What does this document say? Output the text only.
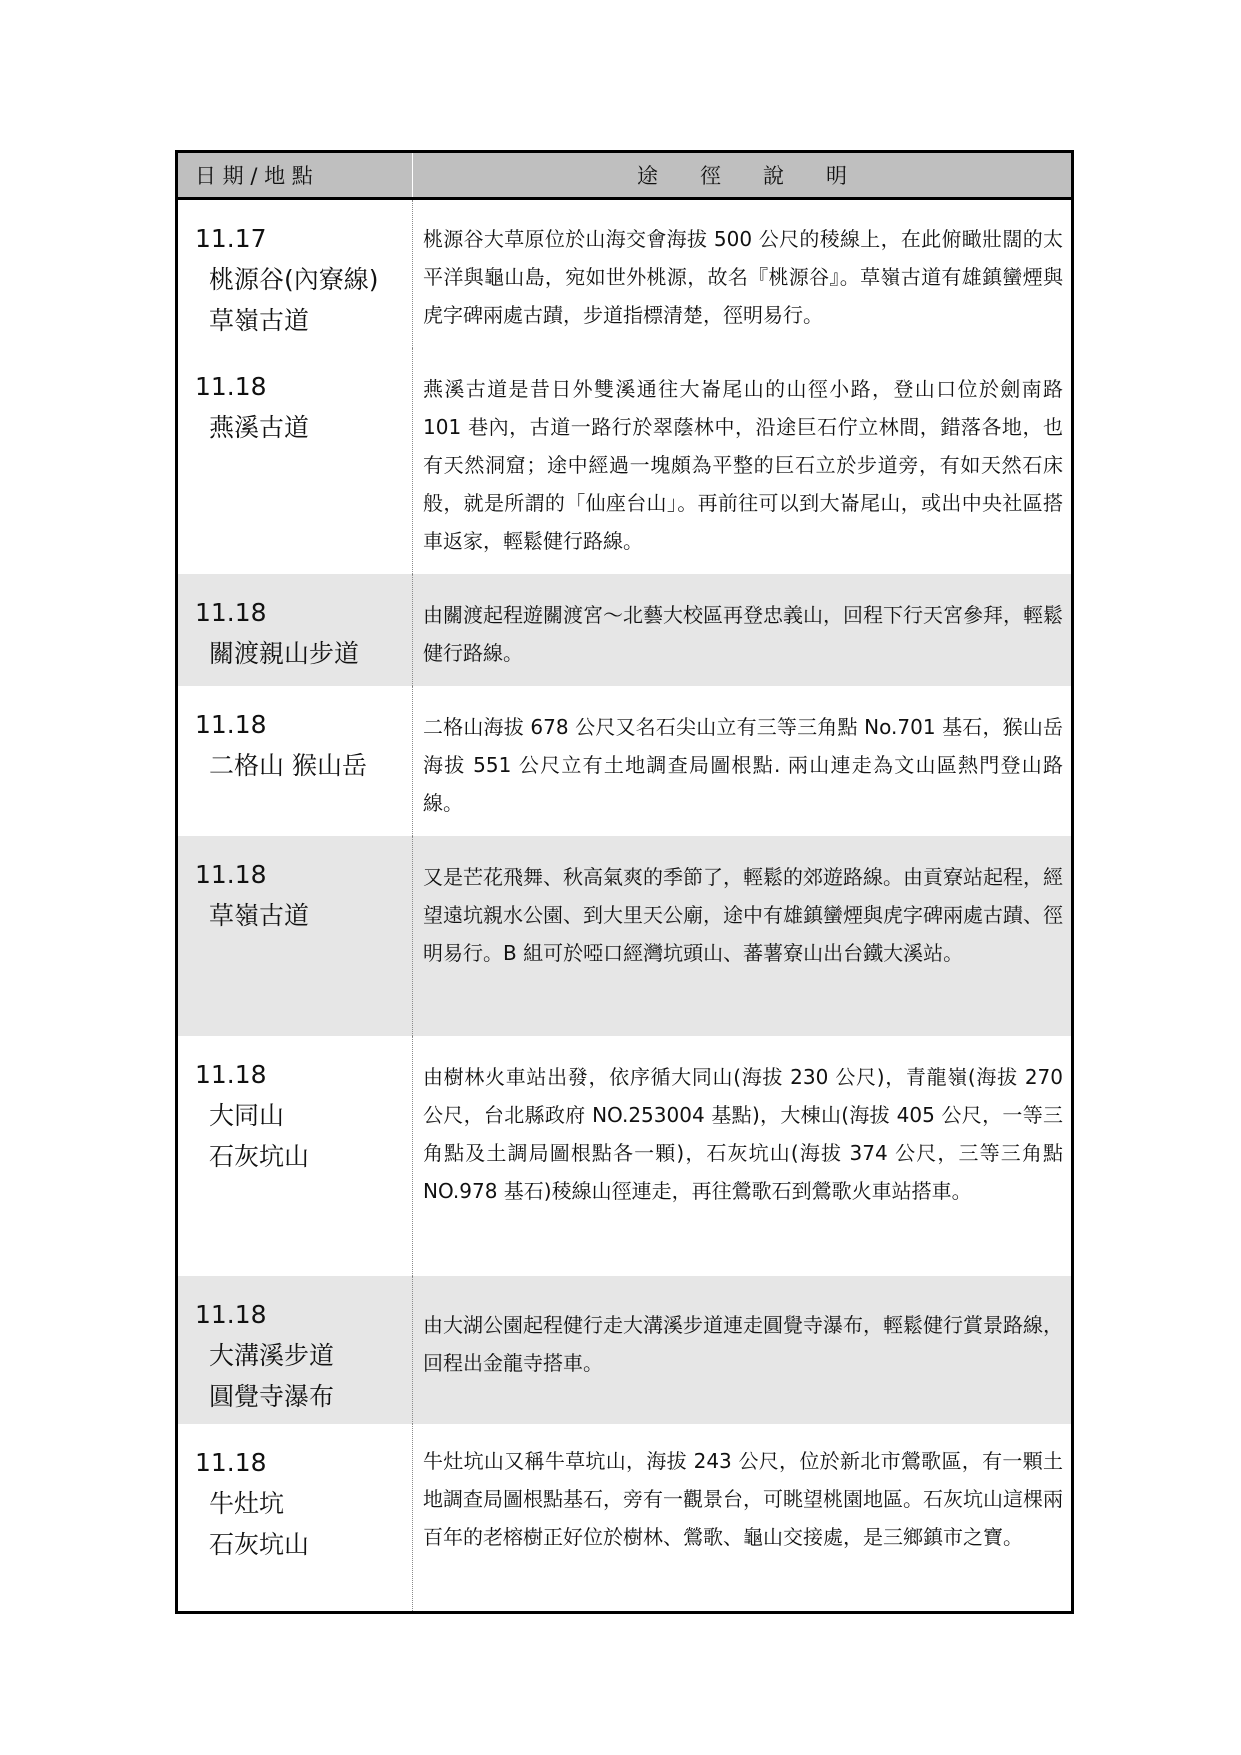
日 期 / 地 點	途　　徑　　說　　明

11.17
桃源谷(內寮線)
草嶺古道	桃源谷大草原位於山海交會海拔 500 公尺的稜線上，在此俯瞰壯闊的太平洋與龜山島，宛如世外桃源，故名『桃源谷』。草嶺古道有雄鎮蠻煙與虎字碑兩處古蹟，步道指標清楚，徑明易行。

11.18
燕溪古道	燕溪古道是昔日外雙溪通往大崙尾山的山徑小路，登山口位於劍南路 101 巷內，古道一路行於翠蔭林中，沿途巨石佇立林間，錯落各地，也有天然洞窟；途中經過一塊頗為平整的巨石立於步道旁，有如天然石床般，就是所謂的「仙座台山」。再前往可以到大崙尾山，或出中央社區搭車返家，輕鬆健行路線。

11.18
關渡親山步道	由關渡起程遊關渡宮～北藝大校區再登忠義山，回程下行天宮參拜，輕鬆健行路線。

11.18
二格山 猴山岳	二格山海拔 678 公尺又名石尖山立有三等三角點 No.701 基石，猴山岳海拔 551 公尺立有土地調查局圖根點. 兩山連走為文山區熱門登山路線。

11.18
草嶺古道	又是芒花飛舞、秋高氣爽的季節了，輕鬆的郊遊路線。由貢寮站起程，經望遠坑親水公園、到大里天公廟，途中有雄鎮蠻煙與虎字碑兩處古蹟、徑明易行。B 組可於啞口經灣坑頭山、蕃薯寮山出台鐵大溪站。

11.18
大同山
石灰坑山	由樹林火車站出發，依序循大同山(海拔 230 公尺)，青龍嶺(海拔 270 公尺，台北縣政府 NO.253004 基點)，大棟山(海拔 405 公尺，一等三角點及土調局圖根點各一顆)，石灰坑山(海拔 374 公尺，三等三角點 NO.978 基石)稜線山徑連走，再往鶯歌石到鶯歌火車站搭車。

11.18
大溝溪步道
圓覺寺瀑布	由大湖公園起程健行走大溝溪步道連走圓覺寺瀑布，輕鬆健行賞景路線，回程出金龍寺搭車。

11.18
牛灶坑
石灰坑山	牛灶坑山又稱牛草坑山，海拔 243 公尺，位於新北市鶯歌區，有一顆土地調查局圖根點基石，旁有一觀景台，可眺望桃園地區。石灰坑山這棵兩百年的老榕樹正好位於樹林、鶯歌、龜山交接處，是三鄉鎮市之寶。
